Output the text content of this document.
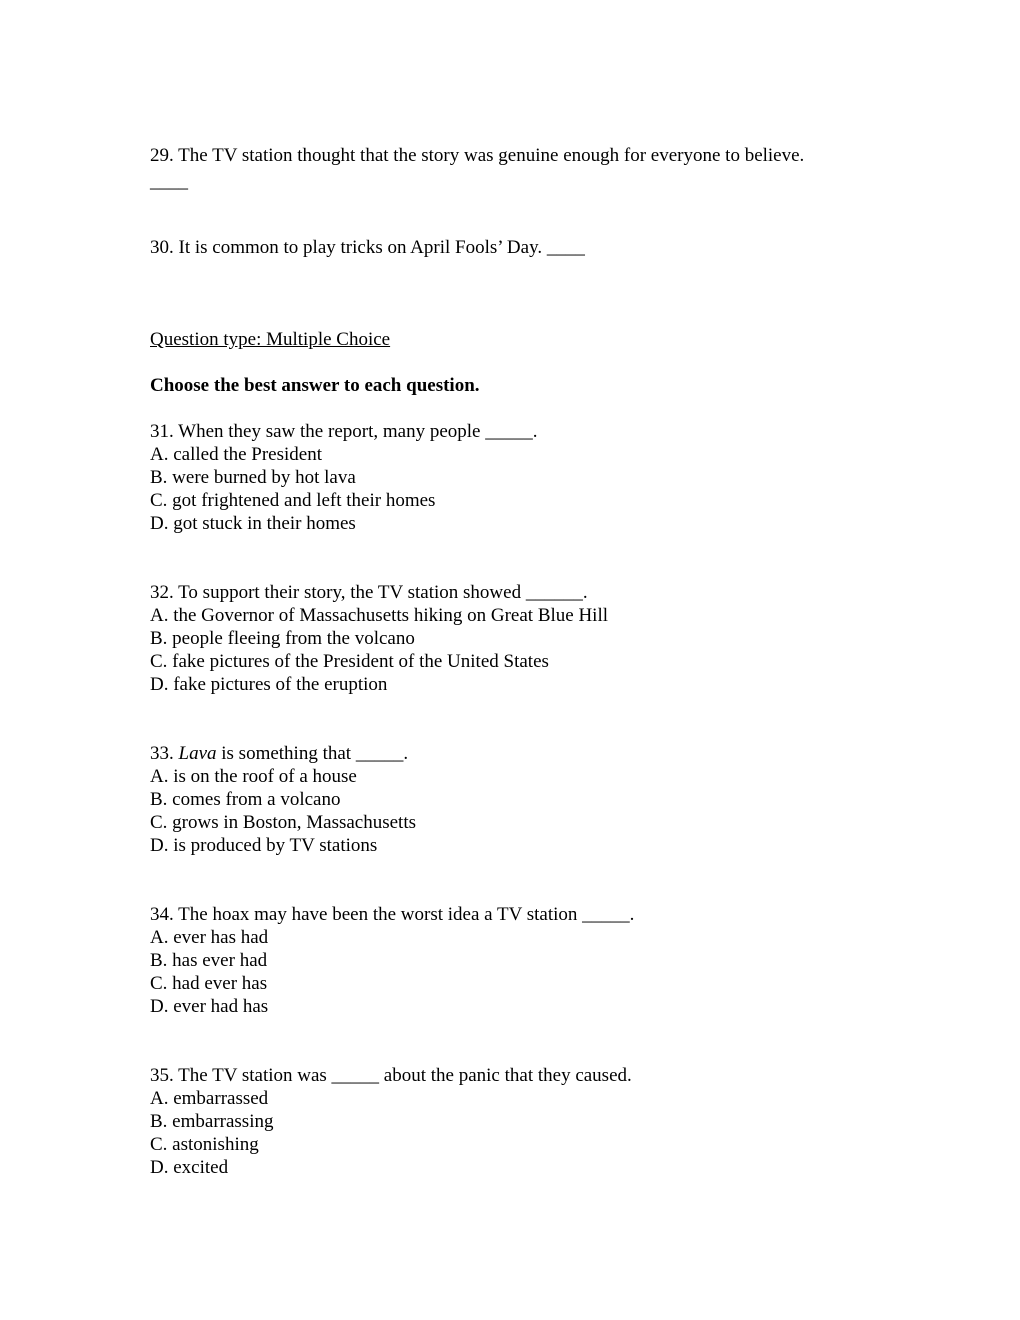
29. The TV station thought that the story was genuine enough for everyone to believe.
____
30. It is common to play tricks on April Fools’ Day. ____
Question type: Multiple Choice
Choose the best answer to each question.
31. When they saw the report, many people _____.
A. called the President
B. were burned by hot lava
C. got frightened and left their homes
D. got stuck in their homes
32. To support their story, the TV station showed ______.
A. the Governor of Massachusetts hiking on Great Blue Hill
B. people fleeing from the volcano
C. fake pictures of the President of the United States
D. fake pictures of the eruption
33. Lava is something that _____.
A. is on the roof of a house
B. comes from a volcano
C. grows in Boston, Massachusetts
D. is produced by TV stations
34. The hoax may have been the worst idea a TV station _____.
A. ever has had
B. has ever had
C. had ever has
D. ever had has
35. The TV station was _____ about the panic that they caused.
A. embarrassed
B. embarrassing
C. astonishing
D. excited
